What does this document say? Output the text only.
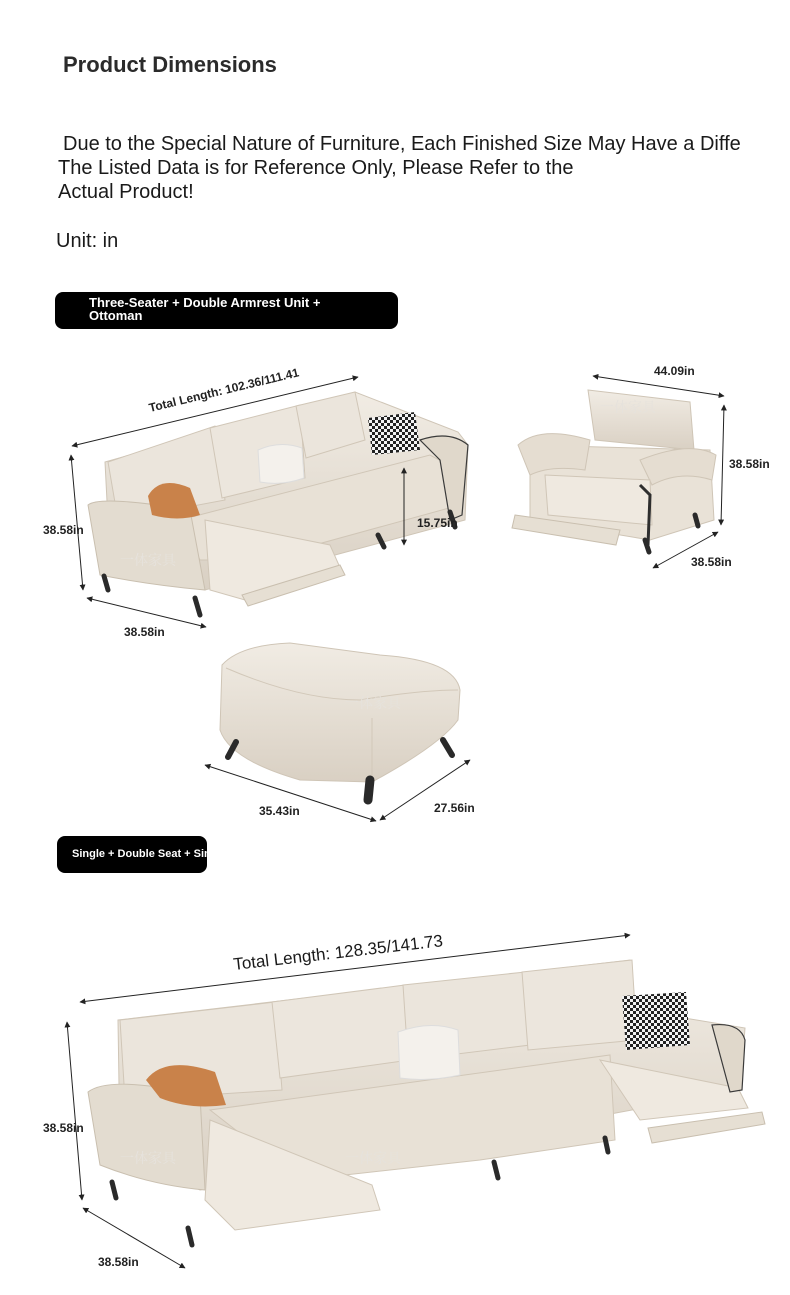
Product Dimensions
Due to the Special Nature of Furniture, Each Finished Size May Have a Diffe
The Listed Data is for Reference Only, Please Refer to the
Actual Product!
Unit: in
Three-Seater + Double Armrest Unit +
Ottoman
一体家具
Total Length: 102.36/111.41
38.58in
38.58in
15.75in
一体家具
44.09in
38.58in
38.58in
一体家具
35.43in	27.56in
一体家具	一体家具
Total Length: 128.35/141.73
38.58in
38.58in
Single + Double Seat + Single
